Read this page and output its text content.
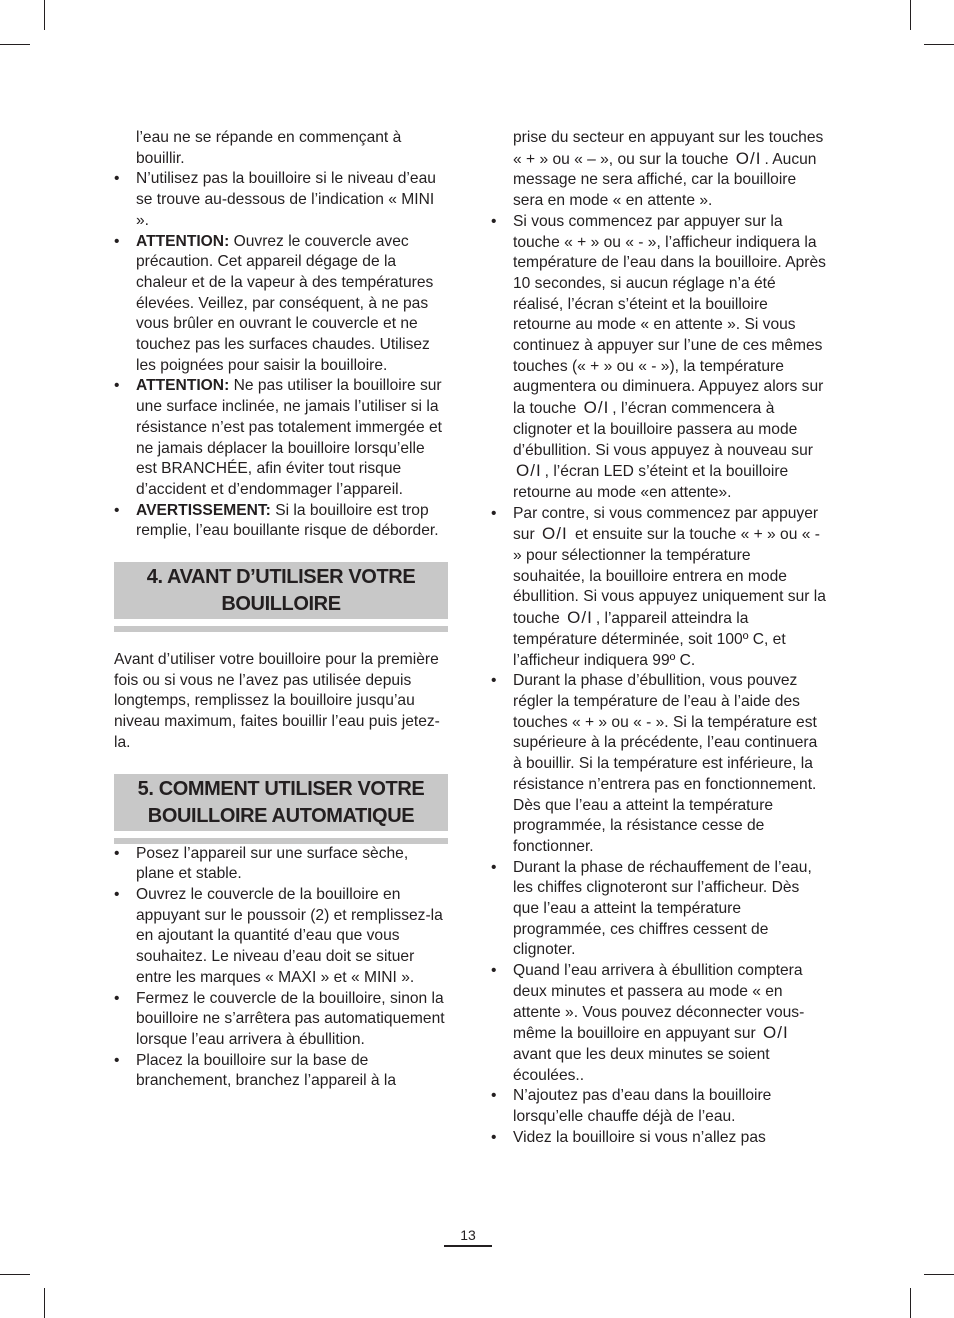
l’eau ne se répande en commençant à bouillir.
• N’utilisez pas la bouilloire si le niveau d’eau se trouve au-dessous de l’indication « MINI ».
• ATTENTION: Ouvrez le couvercle avec précaution. Cet appareil dégage de la chaleur et de la vapeur à des températures élevées. Veillez, par conséquent, à ne pas vous brûler en ouvrant le couvercle et ne touchez pas les surfaces chaudes. Utilisez les poignées pour saisir la bouilloire.
• ATTENTION: Ne pas utiliser la bouilloire sur une surface inclinée, ne jamais l’utiliser si la résistance n’est pas totalement immergée et ne jamais déplacer la bouilloire lorsqu’elle est BRANCHÉE, afin éviter tout risque d’accident et d’endommager l’appareil.
• AVERTISSEMENT: Si la bouilloire est trop remplie, l’eau bouillante risque de déborder.
4. AVANT D’UTILISER VOTRE
BOUILLOIRE

Avant d’utiliser votre bouilloire pour la première fois ou si vous ne l’avez pas utilisée depuis longtemps, remplissez la bouilloire jusqu’au niveau maximum, faites bouillir l’eau puis jetez-la.

5. COMMENT UTILISER VOTRE
BOUILLOIRE AUTOMATIQUE
• Posez l’appareil sur une surface sèche, plane et stable.
• Ouvrez le couvercle de la bouilloire en appuyant sur le poussoir (2) et remplissez-la en ajoutant la quantité d’eau que vous souhaitez. Le niveau d’eau doit se situer entre les marques « MAXI » et « MINI ».
• Fermez le couvercle de la bouilloire, sinon la bouilloire ne s’arrêtera pas automatiquement lorsque l’eau arrivera à ébullition.
• Placez la bouilloire sur la base de branchement, branchez l’appareil à la
prise du secteur en appuyant sur les touches « + » ou « – », ou sur la touche O/I . Aucun message ne sera affiché, car la bouilloire sera en mode « en attente ».
• Si vous commencez par appuyer sur la touche « + » ou « - », l’afficheur indiquera la température de l’eau dans la bouilloire. Après 10 secondes, si aucun réglage n’a été réalisé, l’écran s’éteint et la bouilloire retourne au mode « en attente ». Si vous continuez à appuyer sur l’une de ces mêmes touches (« + » ou « - »), la température augmentera ou diminuera. Appuyez alors sur la touche O/I , l’écran commencera à clignoter et la bouilloire passera au mode d’ébullition. Si vous appuyez à nouveau sur O/I , l’écran LED s’éteint et la bouilloire retourne au mode «en attente».
• Par contre, si vous commencez par appuyer sur O/I et ensuite sur la touche « + » ou « - » pour sélectionner la température souhaitée, la bouilloire entrera en mode ébullition. Si vous appuyez uniquement sur la touche O/I , l’appareil atteindra la température déterminée, soit 100º C, et l’afficheur indiquera 99º C.
• Durant la phase d’ébullition, vous pouvez régler la température de l’eau à l’aide des touches « + » ou « - ». Si la température est supérieure à la précédente, l’eau continuera à bouillir. Si la température est inférieure, la résistance n’entrera pas en fonctionnement. Dès que l’eau a atteint la température programmée, la résistance cesse de fonctionner.
• Durant la phase de réchauffement de l’eau, les chiffes clignoteront sur l’afficheur. Dès que l’eau a atteint la température programmée, ces chiffres cessent de clignoter.
• Quand l’eau arrivera à ébullition comptera deux minutes et passera au mode « en attente ». Vous pouvez déconnecter vous-même la bouilloire en appuyant sur O/I avant que les deux minutes se soient écoulées..
• N’ajoutez pas d’eau dans la bouilloire lorsqu’elle chauffe déjà de l’eau.
• Videz la bouilloire si vous n’allez pas
13
